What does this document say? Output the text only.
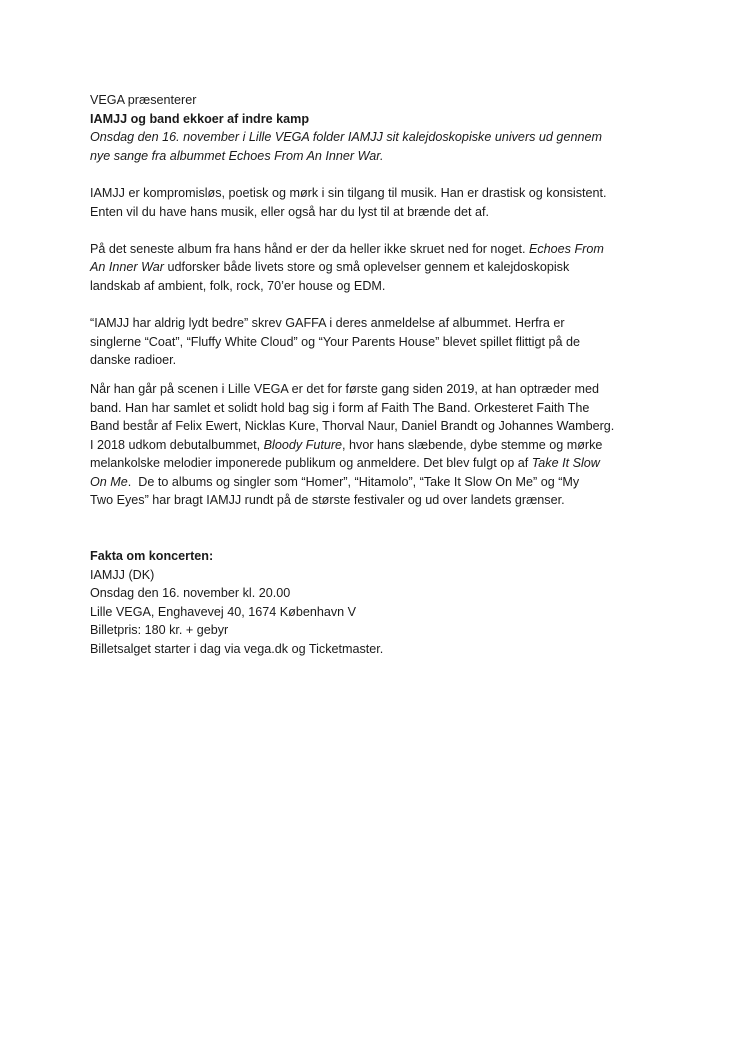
VEGA præsenterer

IAMJJ og band ekkoer af indre kamp

Onsdag den 16. november i Lille VEGA folder IAMJJ sit kalejdoskopiske univers ud gennem
nye sange fra albummet Echoes From An Inner War.

IAMJJ er kompromisløs, poetisk og mørk i sin tilgang til musik. Han er drastisk og konsistent.
Enten vil du have hans musik, eller også har du lyst til at brænde det af.

På det seneste album fra hans hånd er der da heller ikke skruet ned for noget. Echoes From
An Inner War udforsker både livets store og små oplevelser gennem et kalejdoskopisk
landskab af ambient, folk, rock, 70’er house og EDM.

“IAMJJ har aldrig lydt bedre” skrev GAFFA i deres anmeldelse af albummet. Herfra er
singlerne “Coat”, “Fluffy White Cloud” og “Your Parents House” blevet spillet flittigt på de
danske radioer.

Når han går på scenen i Lille VEGA er det for første gang siden 2019, at han optræder med
band. Han har samlet et solidt hold bag sig i form af Faith The Band. Orkesteret Faith The
Band består af Felix Ewert, Nicklas Kure, Thorval Naur, Daniel Brandt og Johannes Wamberg.
I 2018 udkom debutalbummet, Bloody Future, hvor hans slæbende, dybe stemme og mørke
melankolske melodier imponerede publikum og anmeldere. Det blev fulgt op af Take It Slow
On Me.  De to albums og singler som “Homer”, “Hitamolo”, “Take It Slow On Me” og “My
Two Eyes” har bragt IAMJJ rundt på de største festivaler og ud over landets grænser.

Fakta om koncerten:
IAMJJ (DK)
Onsdag den 16. november kl. 20.00
Lille VEGA, Enghavevej 40, 1674 København V
Billetpris: 180 kr. + gebyr
Billetsalget starter i dag via vega.dk og Ticketmaster.
